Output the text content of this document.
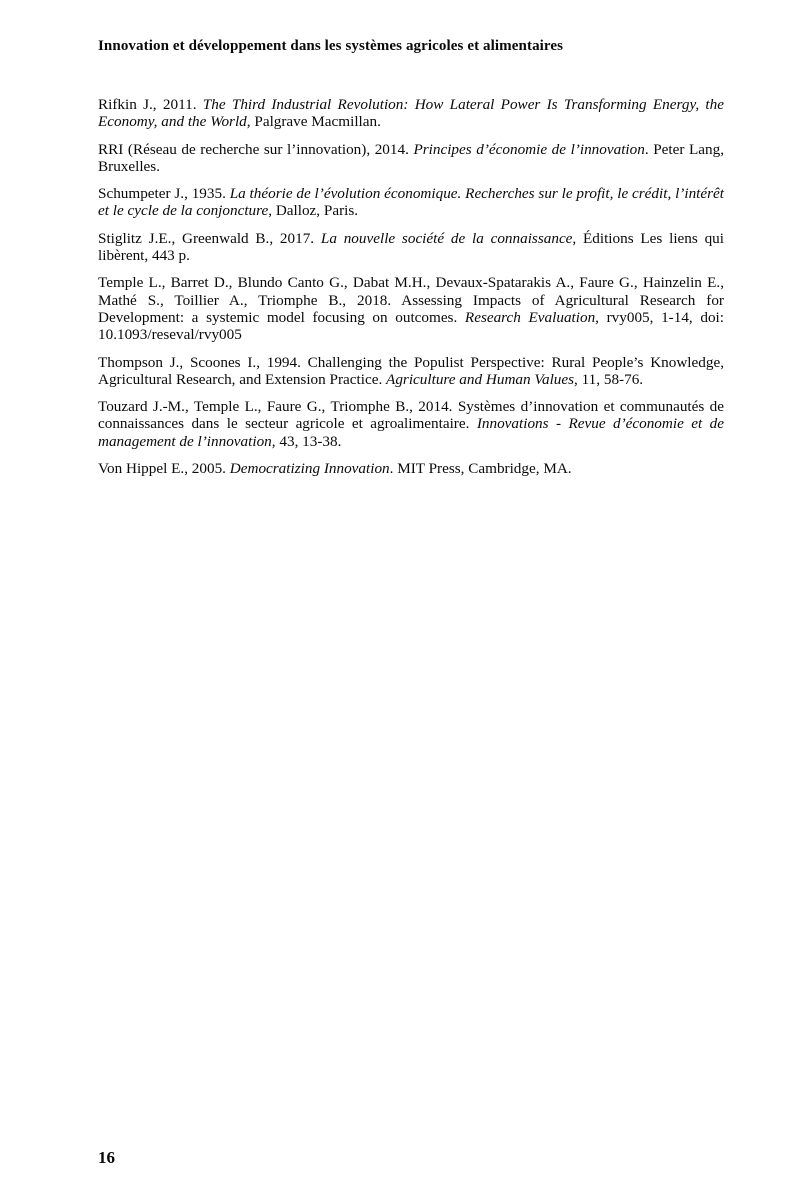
Innovation et développement dans les systèmes agricoles et alimentaires

Rifkin J., 2011. The Third Industrial Revolution: How Lateral Power Is Transforming Energy, the Economy, and the World, Palgrave Macmillan.

RRI (Réseau de recherche sur l’innovation), 2014. Principes d’économie de l’innovation. Peter Lang, Bruxelles.

Schumpeter J., 1935. La théorie de l’évolution économique. Recherches sur le profit, le crédit, l’intérêt et le cycle de la conjoncture, Dalloz, Paris.

Stiglitz J.E., Greenwald B., 2017. La nouvelle société de la connaissance, Éditions Les liens qui libèrent, 443 p.

Temple L., Barret D., Blundo Canto G., Dabat M.H., Devaux-Spatarakis A., Faure G., Hainzelin E., Mathé S., Toillier A., Triomphe B., 2018. Assessing Impacts of Agricultural Research for Development: a systemic model focusing on outcomes. Research Evaluation, rvy005, 1-14, doi: 10.1093/reseval/rvy005

Thompson J., Scoones I., 1994. Challenging the Populist Perspective: Rural People’s Knowledge, Agricultural Research, and Extension Practice. Agriculture and Human Values, 11, 58-76.

Touzard J.-M., Temple L., Faure G., Triomphe B., 2014. Systèmes d’innovation et communautés de connaissances dans le secteur agricole et agroalimentaire. Innovations - Revue d’économie et de management de l’innovation, 43, 13-38.

Von Hippel E., 2005. Democratizing Innovation. MIT Press, Cambridge, MA.

16
